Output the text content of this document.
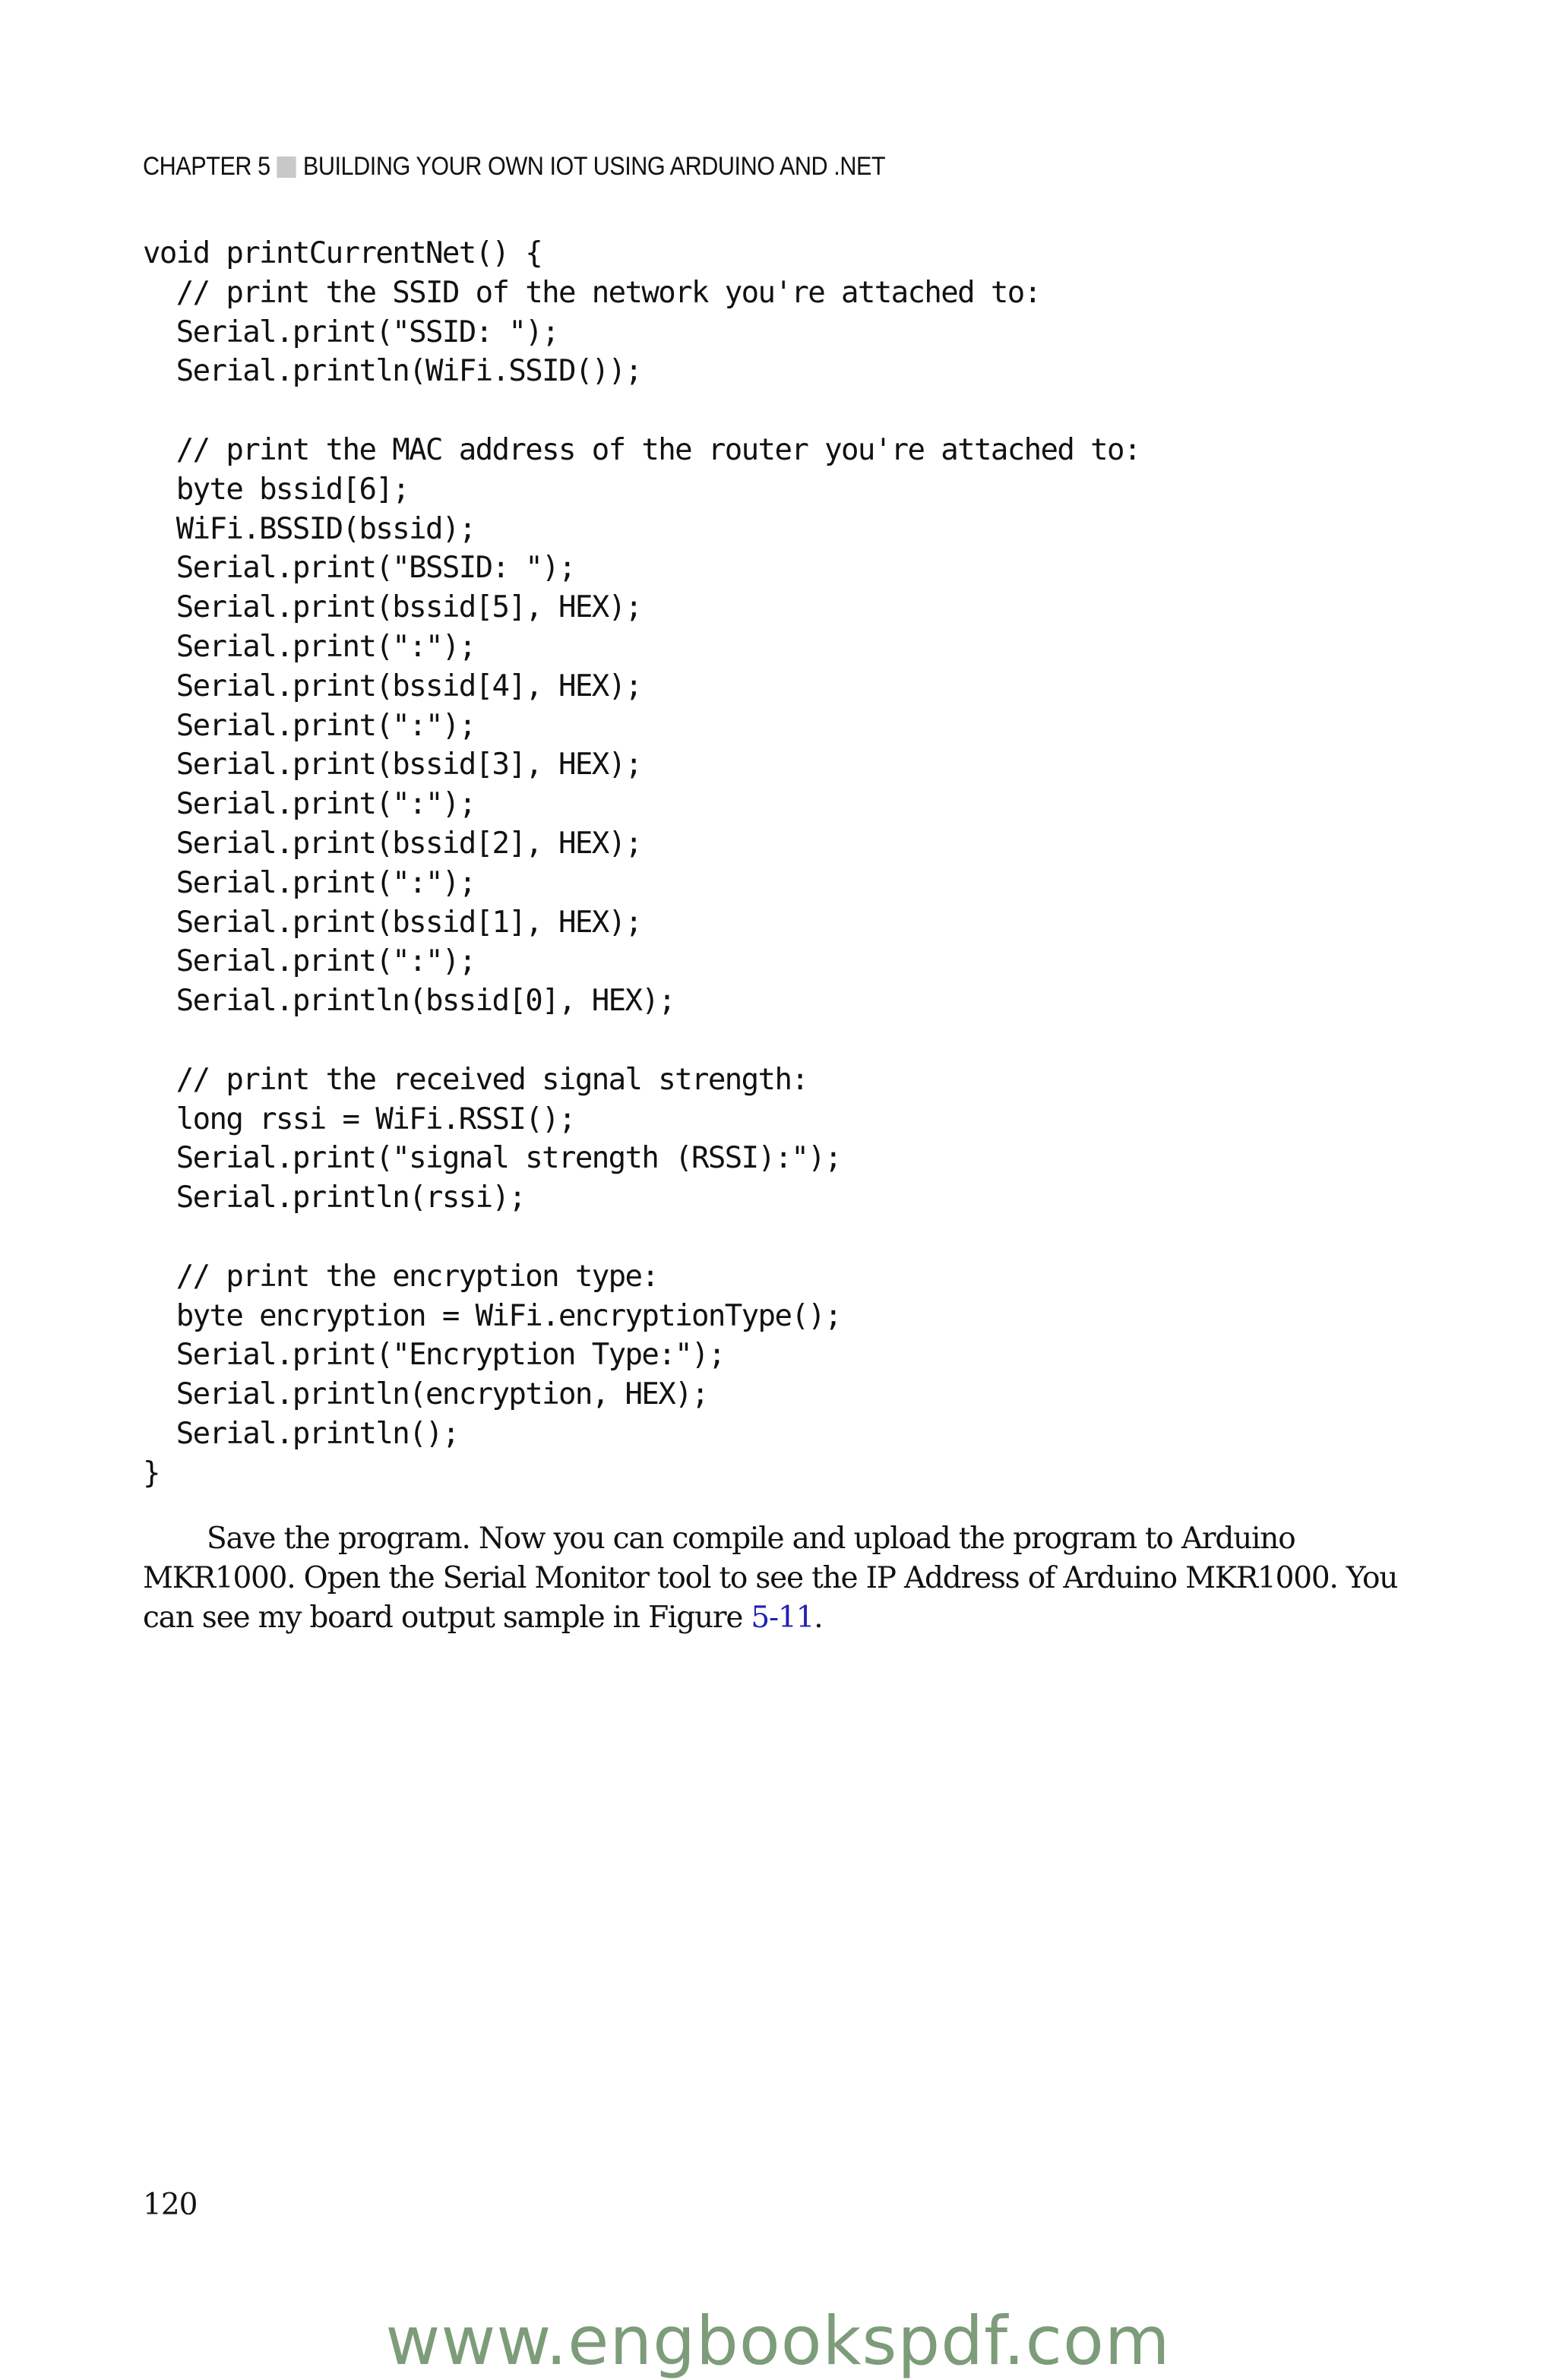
CHAPTER 5 BUILDING YOUR OWN IOT USING ARDUINO AND .NET
void printCurrentNet() {
// print the SSID of the network you're attached to:
Serial.print("SSID: ");
Serial.println(WiFi.SSID());

// print the MAC address of the router you're attached to:
byte bssid[6];
WiFi.BSSID(bssid);
Serial.print("BSSID: ");
Serial.print(bssid[5], HEX);
Serial.print(":");
Serial.print(bssid[4], HEX);
Serial.print(":");
Serial.print(bssid[3], HEX);
Serial.print(":");
Serial.print(bssid[2], HEX);
Serial.print(":");
Serial.print(bssid[1], HEX);
Serial.print(":");
Serial.println(bssid[0], HEX);

// print the received signal strength:
long rssi = WiFi.RSSI();
Serial.print("signal strength (RSSI):");
Serial.println(rssi);

// print the encryption type:
byte encryption = WiFi.encryptionType();
Serial.print("Encryption Type:");
Serial.println(encryption, HEX);
Serial.println();
}
Save the program. Now you can compile and upload the program to Arduino
MKR1000. Open the Serial Monitor tool to see the IP Address of Arduino MKR1000. You
can see my board output sample in Figure 5-11.
120
www.engbookspdf.com
